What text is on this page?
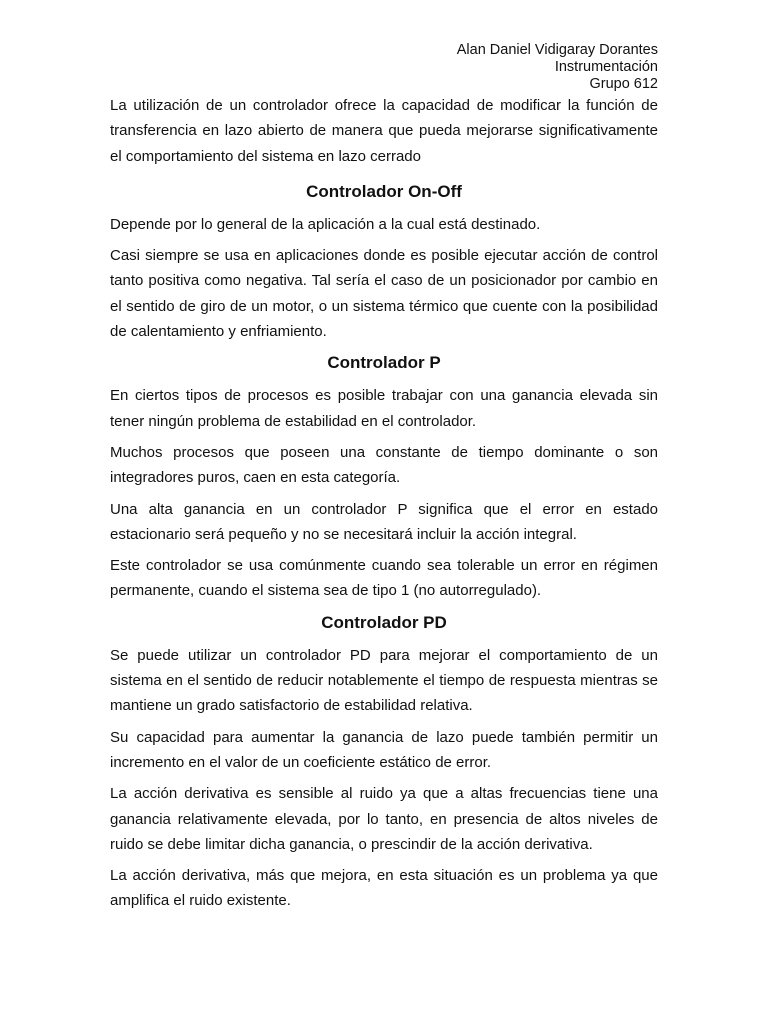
Alan Daniel Vidigaray Dorantes
Instrumentación
Grupo 612

La utilización de un controlador ofrece la capacidad de modificar la función de transferencia en lazo abierto de manera que pueda mejorarse significativamente el comportamiento del sistema en lazo cerrado

Controlador On-Off

Depende por lo general de la aplicación a la cual está destinado.

Casi siempre se usa en aplicaciones donde es posible ejecutar acción de control tanto positiva como negativa. Tal sería el caso de un posicionador por cambio en el sentido de giro de un motor, o un sistema térmico que cuente con la posibilidad de calentamiento y enfriamiento.

Controlador P

En ciertos tipos de procesos es posible trabajar con una ganancia elevada sin tener ningún problema de estabilidad en el controlador.

Muchos procesos que poseen una constante de tiempo dominante o son integradores puros, caen en esta categoría.

Una alta ganancia en un controlador P significa que el error en estado estacionario será pequeño y no se necesitará incluir la acción integral.

Este controlador se usa comúnmente cuando sea tolerable un error en régimen permanente, cuando el sistema sea de tipo 1 (no autorregulado).

Controlador PD

Se puede utilizar un controlador PD para mejorar el comportamiento de un sistema en el sentido de reducir notablemente el tiempo de respuesta mientras se mantiene un grado satisfactorio de estabilidad relativa.

Su capacidad para aumentar la ganancia de lazo puede también permitir un incremento en el valor de un coeficiente estático de error.

La acción derivativa es sensible al ruido ya que a altas frecuencias tiene una ganancia relativamente elevada, por lo tanto, en presencia de altos niveles de ruido se debe limitar dicha ganancia, o prescindir de la acción derivativa.

La acción derivativa, más que mejora, en esta situación es un problema ya que amplifica el ruido existente.
